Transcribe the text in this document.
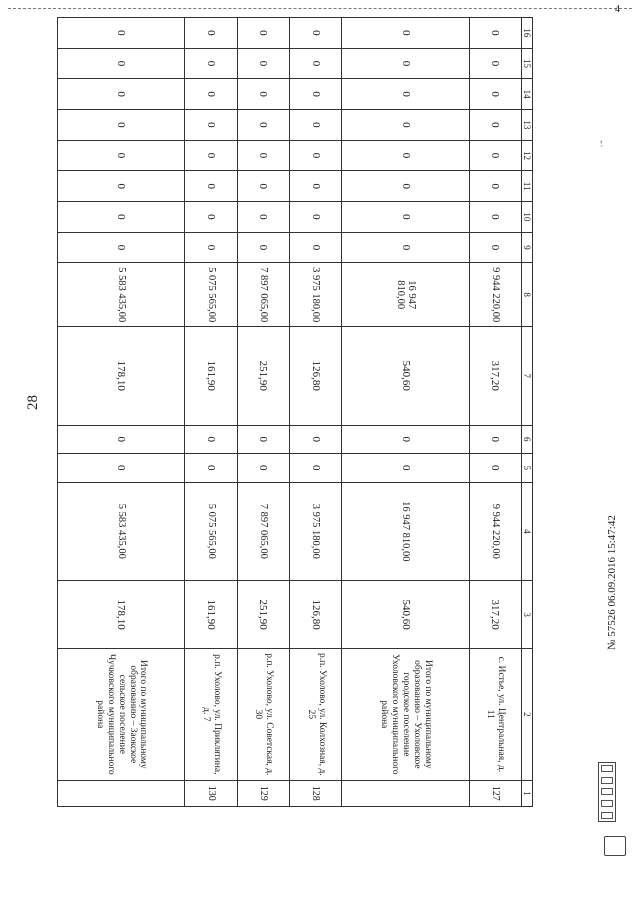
4
28
16	15	14	13	12	11	10	9	8	7	6	5	4	3	2	1
0	0	0	0	0	0	0	0	9 944 220,00	317,20	0	0	9 944 220,00	317,20	с. Истье, ул. Центральная, д. 11	127
0	0	0	0	0	0	0	0	16 947 810,00	540,60	0	0	16 947 810,00	540,60	Итого по муниципальному образованию – Ухоловское городское поселение Ухоловского муниципального района	
0	0	0	0	0	0	0	0	3 975 180,00	126,80	0	0	3 975 180,00	126,80	р.п. Ухолово, ул. Колхозная, д. 25	128
0	0	0	0	0	0	0	0	7 897 065,00	251,90	0	0	7 897 065,00	251,90	р.п. Ухолово, ул. Советская, д. 30	129
0	0	0	0	0	0	0	0	5 075 565,00	161,90	0	0	5 075 565,00	161,90	р.п. Ухолово, ул. Приклятина, д. 7	130
0	0	0	0	0	0	0	0	5 583 435,00	178,10	0	0	5 583 435,00	178,10	Итого по муниципальному образованию – Заокское сельское поселение Чучковского муниципального района	
,
ˊ
№ 57526 06.09.2016 15:47:42
